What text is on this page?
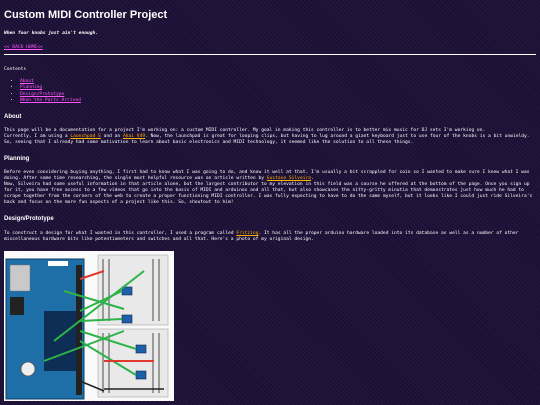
Custom MIDI Controller Project
When four knobs just ain't enough.
<< BACK HOME<<
Contents
• About
• Planning
• Design/Prototype
• When the Parts Arrived
About

This page will be a documentation for a project I'm working on: a custom MIDI controller. My goal in making this controller is to better mix music for DJ sets I'm working on.
Currently, I am using a Launchpad S and an Akai V49. Now, the launchpad is great for looping clips, but having to lug around a giant keyboard just to use four of the knobs is a bit unwieldy. So, seeing that I already had some motivation to learn about basic electronics and MIDI technology, it seemed like the solution to all these things.

Planning

Before even considering buying anything, I first had to know what I was going to do, and know it well at that. I'm usually a bit scrappled for coin so I wanted to make sure I knew what I was doing. After some time researching, the single most helpful resource was an article written by Gustavo Silveira.
Now, Silveira had some useful information in that article alone, but the largest contributor to my elevation in this field was a course he offered at the bottom of the page. Once you sign up for it, you have free access to a few videos that go into the basis of MIDI and arduinos and all that, but also showcases the nitty-gritty minutia that demonstrates just how much he had to scrape together from the corners of the web to create a proper functioning MIDI controller. I was fully expecting to have to do the same myself, but it looks like I could just ride Silveira's back and focus on the more fun aspects of a project like this. So, shoutout to him!

Design/Prototype

To construct a design for what I wanted in this controller, I used a program called Fritzing. It has all the proper arduino hardware loaded into its database as well as a number of other miscellaneous hardware bits like potentiometers and switches and all that. Here's a photo of my original design.
